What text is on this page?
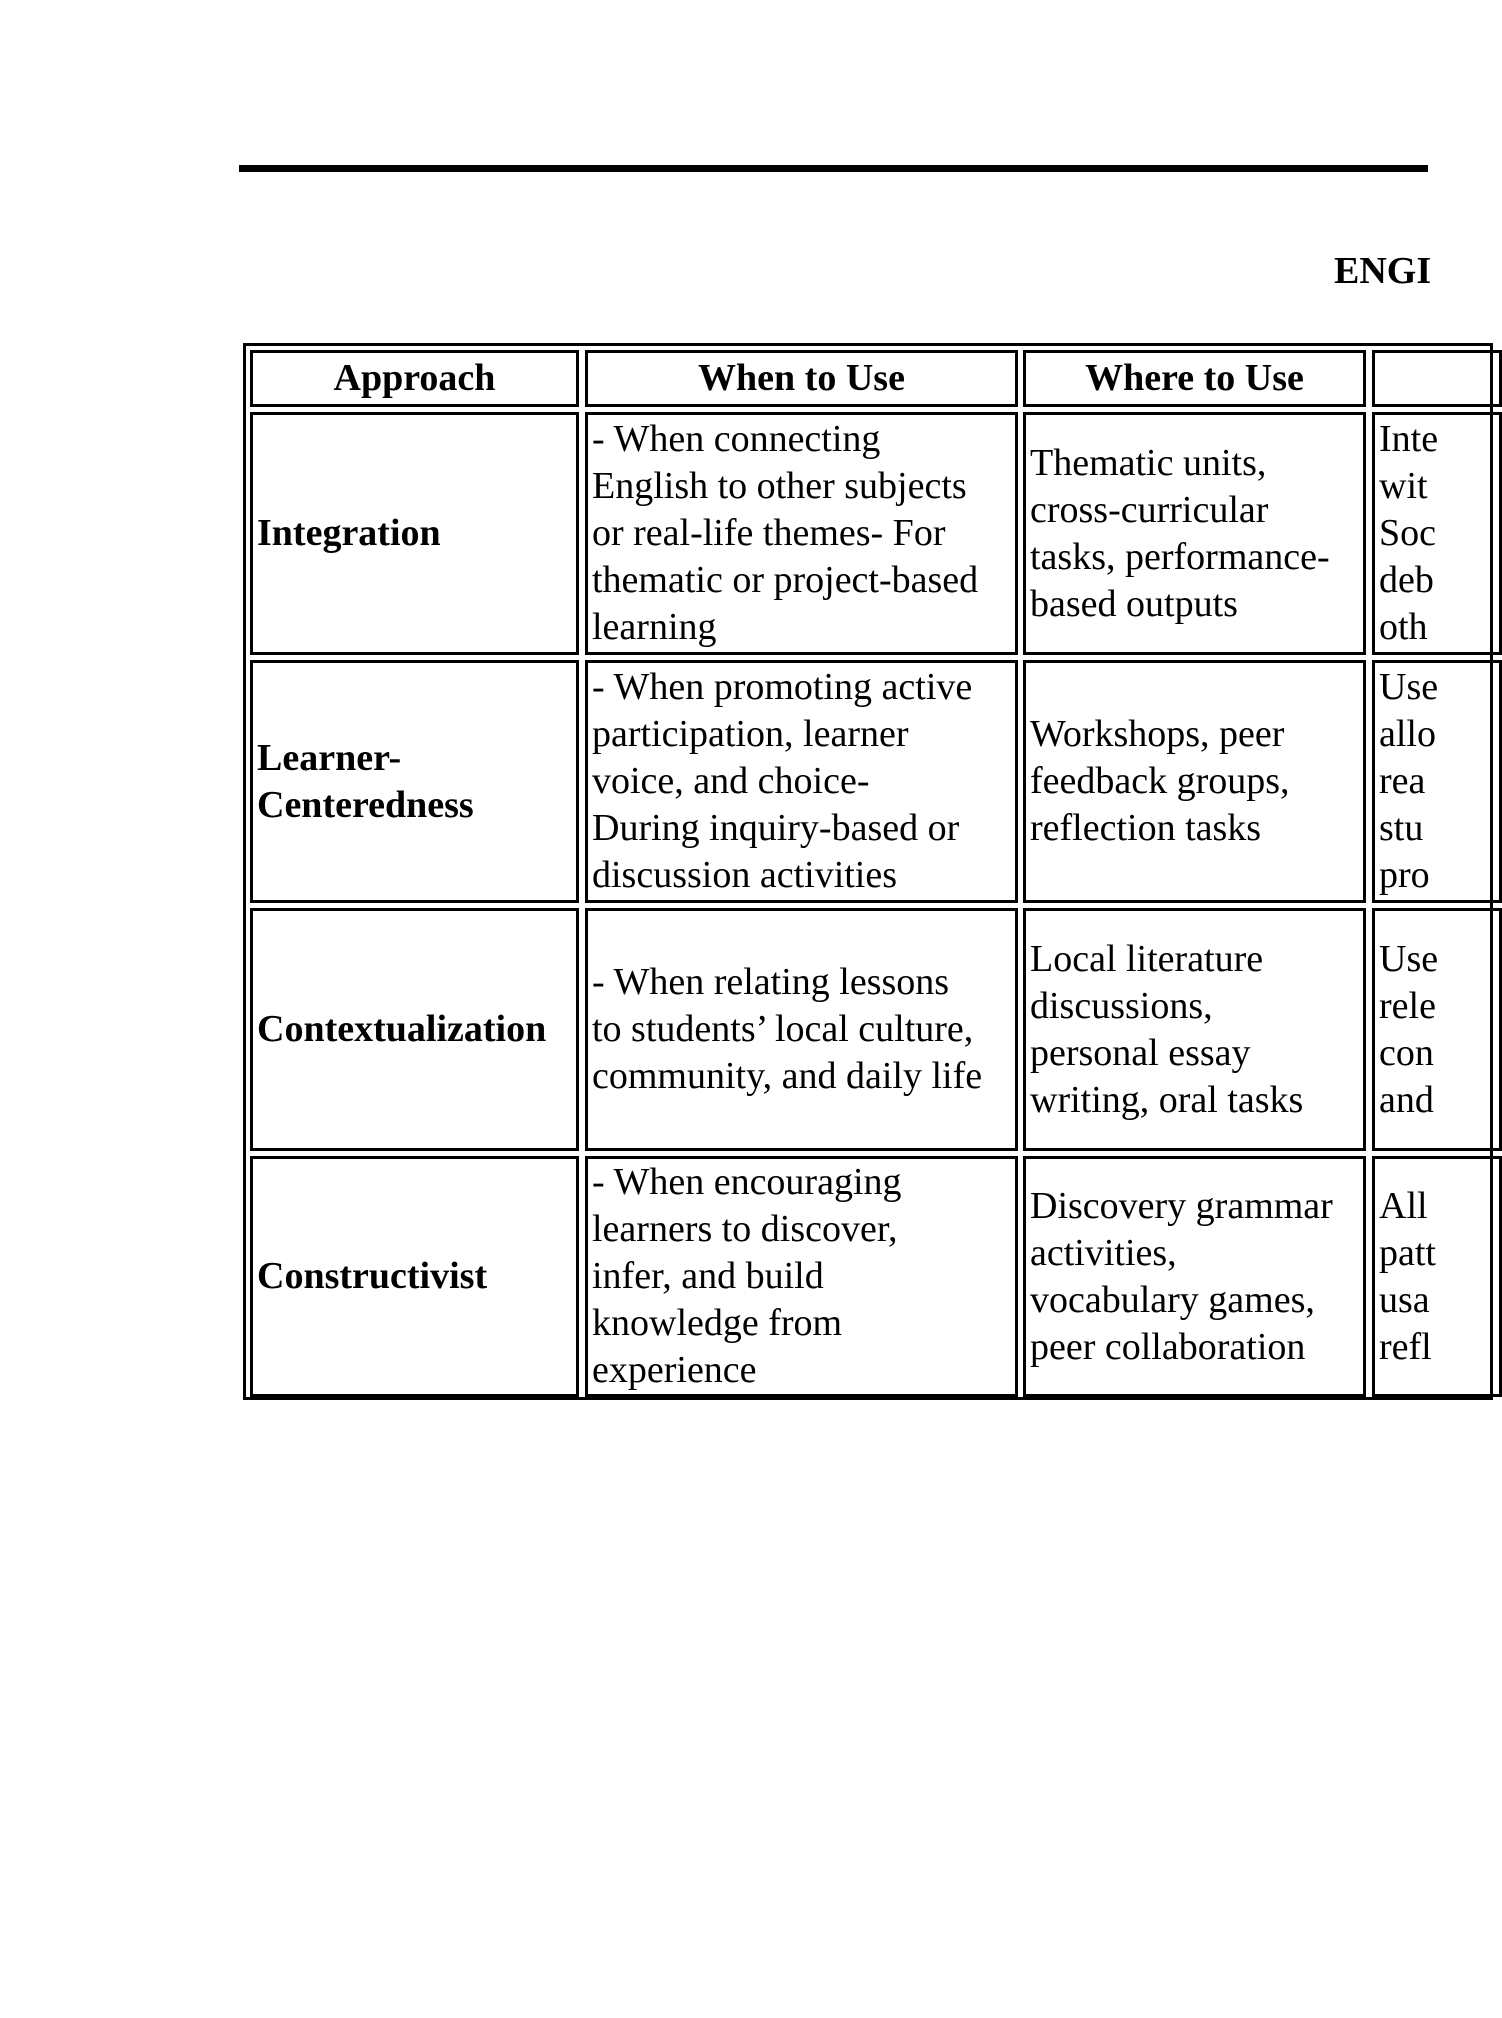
ENGI
Approach	When to Use	Where to Use
Integration
- When connecting
English to other subjects
or real-life themes- For
thematic or project-based
learning
Thematic units,
cross-curricular
tasks, performance-
based outputs
Inte
wit
Soc
deb
oth
Learner-
Centeredness
- When promoting active
participation, learner
voice, and choice-
During inquiry-based or
discussion activities
Workshops, peer
feedback groups,
reflection tasks
Use
allo
rea
stu
pro
Contextualization
- When relating lessons
to students’ local culture,
community, and daily life
Local literature
discussions,
personal essay
writing, oral tasks
Use
rele
con
and
Constructivist
- When encouraging
learners to discover,
infer, and build
knowledge from
experience
Discovery grammar
activities,
vocabulary games,
peer collaboration
All
patt
usa
refl
